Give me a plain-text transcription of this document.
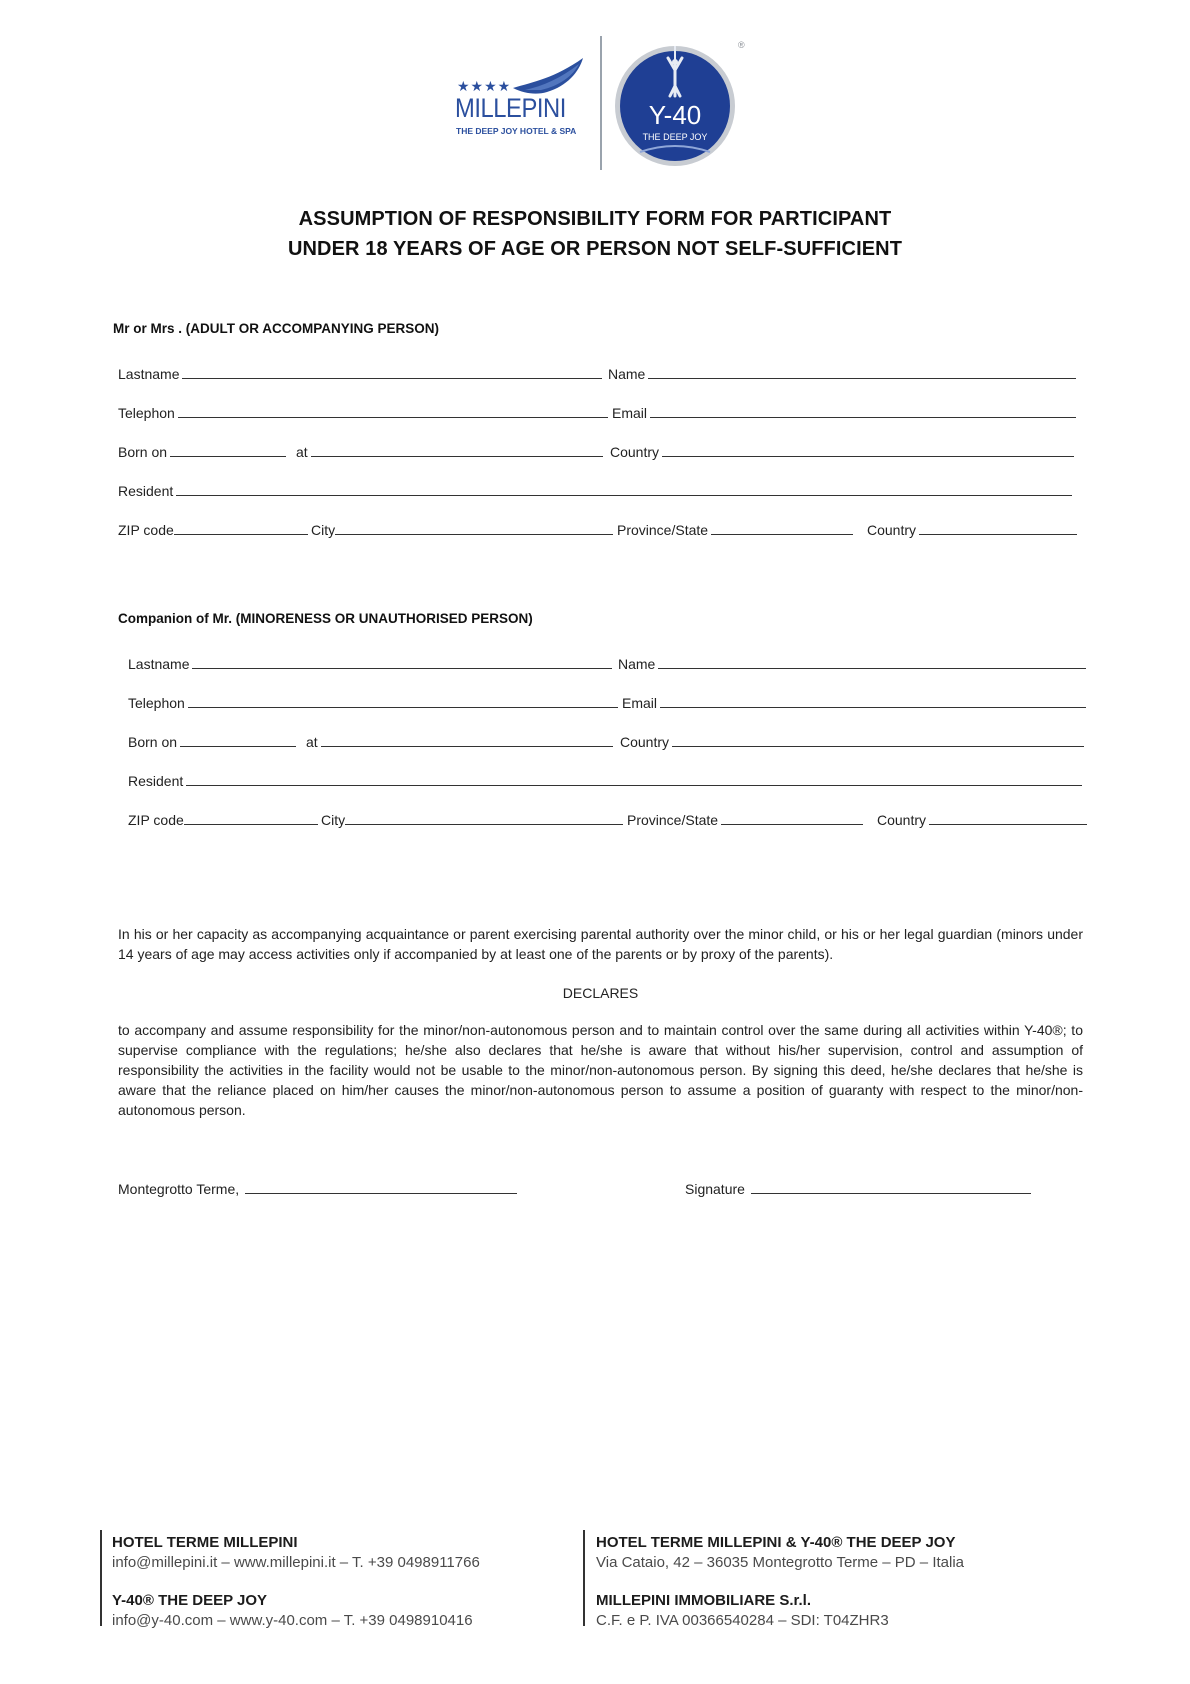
★★★★
MILLEPINI
THE DEEP JOY HOTEL & SPA
®
Y-40
THE DEEP JOY
ASSUMPTION OF RESPONSIBILITY FORM FOR PARTICIPANT
UNDER 18 YEARS OF AGE OR PERSON NOT SELF-SUFFICIENT
Mr or Mrs . (ADULT OR ACCOMPANYING PERSON)
Lastname	Name
Telephon	Email
Born on	at	Country
Resident
ZIP code	City	Province/State	Country
Companion of Mr. (MINORENESS OR UNAUTHORISED PERSON)
Lastname	Name
Telephon	Email
Born on	at	Country
Resident
ZIP code	City	Province/State	Country
In his or her capacity as accompanying acquaintance or parent exercising parental authority over the minor child, or his or her legal guardian (minors under 14 years of age may access activities only if accompanied by at least one of the parents or by proxy of the parents).
DECLARES
to accompany and assume responsibility for the minor/non-autonomous person and to maintain control over the same during all activities within Y-40®; to supervise compliance with the regulations; he/she also declares that he/she is aware that without his/her supervision, control and assumption of responsibility the activities in the facility would not be usable to the minor/non-autonomous person. By signing this deed, he/she declares that he/she is aware that the reliance placed on him/her causes the minor/non-autonomous person to assume a position of guaranty with respect to the minor/non-autonomous person.
Montegrotto Terme,	Signature
HOTEL TERME MILLEPINI
info@millepini.it – www.millepini.it – T. +39 0498911766
Y-40® THE DEEP JOY
info@y-40.com – www.y-40.com – T. +39 0498910416
HOTEL TERME MILLEPINI & Y-40® THE DEEP JOY
Via Cataio, 42 – 36035 Montegrotto Terme – PD – Italia
MILLEPINI IMMOBILIARE S.r.l.
C.F. e P. IVA 00366540284 – SDI: T04ZHR3
